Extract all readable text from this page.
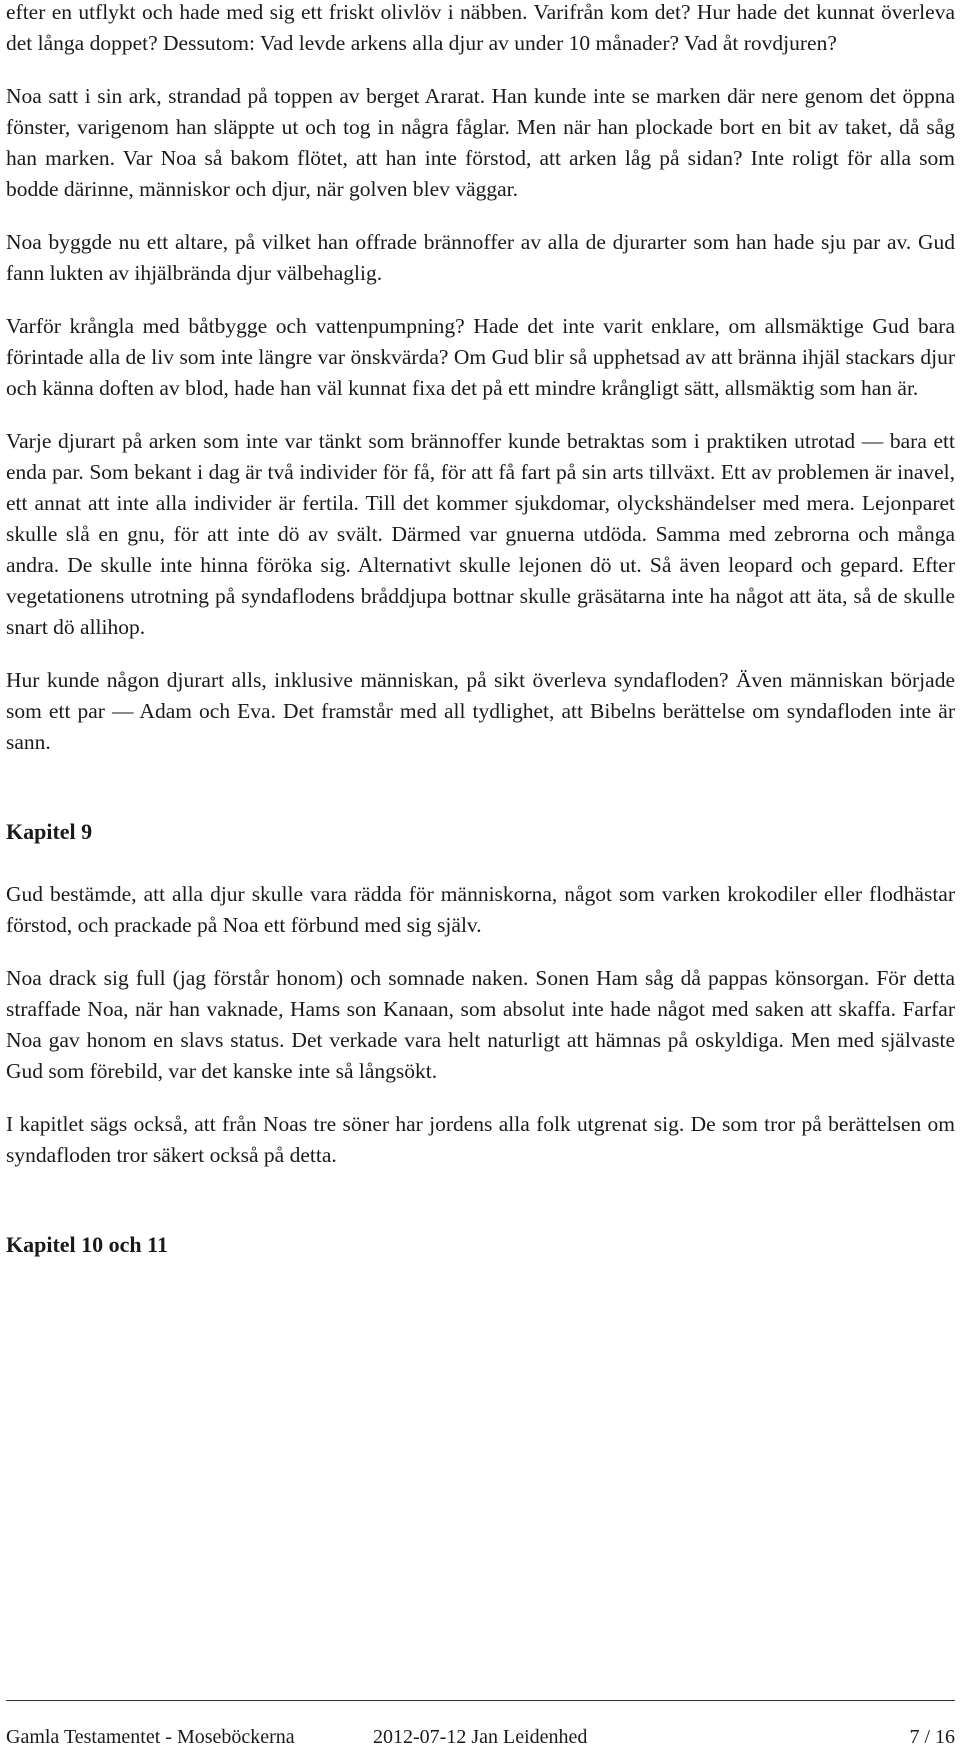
efter en utflykt och hade med sig ett friskt olivlöv i näbben. Varifrån kom det? Hur hade det kunnat överleva det långa doppet? Dessutom: Vad levde arkens alla djur av under 10 månader? Vad åt rovdjuren?

Noa satt i sin ark, strandad på toppen av berget Ararat. Han kunde inte se marken där nere genom det öppna fönster, varigenom han släppte ut och tog in några fåglar. Men när han plockade bort en bit av taket, då såg han marken. Var Noa så bakom flötet, att han inte förstod, att arken låg på sidan? Inte roligt för alla som bodde därinne, människor och djur, när golven blev väggar.

Noa byggde nu ett altare, på vilket han offrade brännoffer av alla de djurarter som han hade sju par av. Gud fann lukten av ihjälbrända djur välbehaglig.

Varför krångla med båtbygge och vattenpumpning? Hade det inte varit enklare, om allsmäktige Gud bara förintade alla de liv som inte längre var önskvärda? Om Gud blir så upphetsad av att bränna ihjäl stackars djur och känna doften av blod, hade han väl kunnat fixa det på ett mindre krångligt sätt, allsmäktig som han är.

Varje djurart på arken som inte var tänkt som brännoffer kunde betraktas som i praktiken utrotad — bara ett enda par. Som bekant i dag är två individer för få, för att få fart på sin arts tillväxt. Ett av problemen är inavel, ett annat att inte alla individer är fertila. Till det kommer sjukdomar, olyckshändelser med mera. Lejonparet skulle slå en gnu, för att inte dö av svält. Därmed var gnuerna utdöda. Samma med zebrorna och många andra. De skulle inte hinna föröka sig. Alternativt skulle lejonen dö ut. Så även leopard och gepard. Efter vegetationens utrotning på syndaflodens bråddjupa bottnar skulle gräsätarna inte ha något att äta, så de skulle snart dö allihop.

Hur kunde någon djurart alls, inklusive människan, på sikt överleva syndafloden? Även människan började som ett par — Adam och Eva. Det framstår med all tydlighet, att Bibelns berättelse om syndafloden inte är sann.

Kapitel 9

Gud bestämde, att alla djur skulle vara rädda för människorna, något som varken krokodiler eller flodhästar förstod, och prackade på Noa ett förbund med sig själv.

Noa drack sig full (jag förstår honom) och somnade naken. Sonen Ham såg då pappas könsorgan. För detta straffade Noa, när han vaknade, Hams son Kanaan, som absolut inte hade något med saken att skaffa. Farfar Noa gav honom en slavs status. Det verkade vara helt naturligt att hämnas på oskyldiga. Men med självaste Gud som förebild, var det kanske inte så långsökt.

I kapitlet sägs också, att från Noas tre söner har jordens alla folk utgrenat sig. De som tror på berättelsen om syndafloden tror säkert också på detta.

Kapitel 10 och 11
Gamla Testamentet - Moseböckerna	2012-07-12 Jan Leidenhed	7 / 16
